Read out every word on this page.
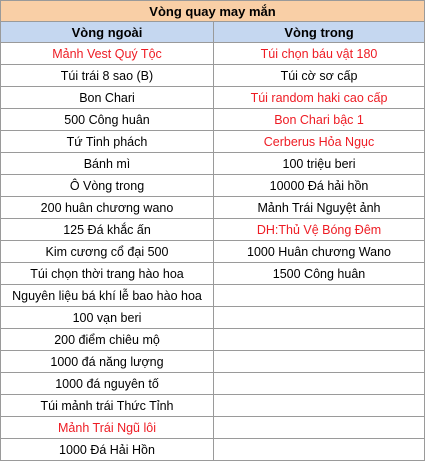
Vòng quay may mắn	
Vòng ngoài	Vòng trong
Mảnh Vest Quý Tộc	Túi chọn báu vật 180
Túi trái 8 sao (B)	Túi cờ sơ cấp
Bon Chari	Túi random haki cao cấp
500 Công huân	Bon Chari bậc 1
Tứ Tinh phách	Cerberus Hỏa Ngục
Bánh mì	100 triệu beri
Ô Vòng trong	10000 Đá hải hồn
200 huân chương wano	Mảnh Trái Nguyệt ảnh
125 Đá khắc ấn	DH:Thủ Vệ Bóng Đêm
Kim cương cổ đại 500	1000 Huân chương Wano
Túi chọn thời trang hào hoa	1500 Công huân
Nguyên liệu bá khí lễ bao hào hoa	
100 vạn beri	
200 điểm chiêu mộ	
1000 đá năng lượng	
1000 đá nguyên tố	
Túi mảnh trái Thức Tỉnh	
Mảnh Trái Ngũ lôi	
1000 Đá Hải Hồn	
